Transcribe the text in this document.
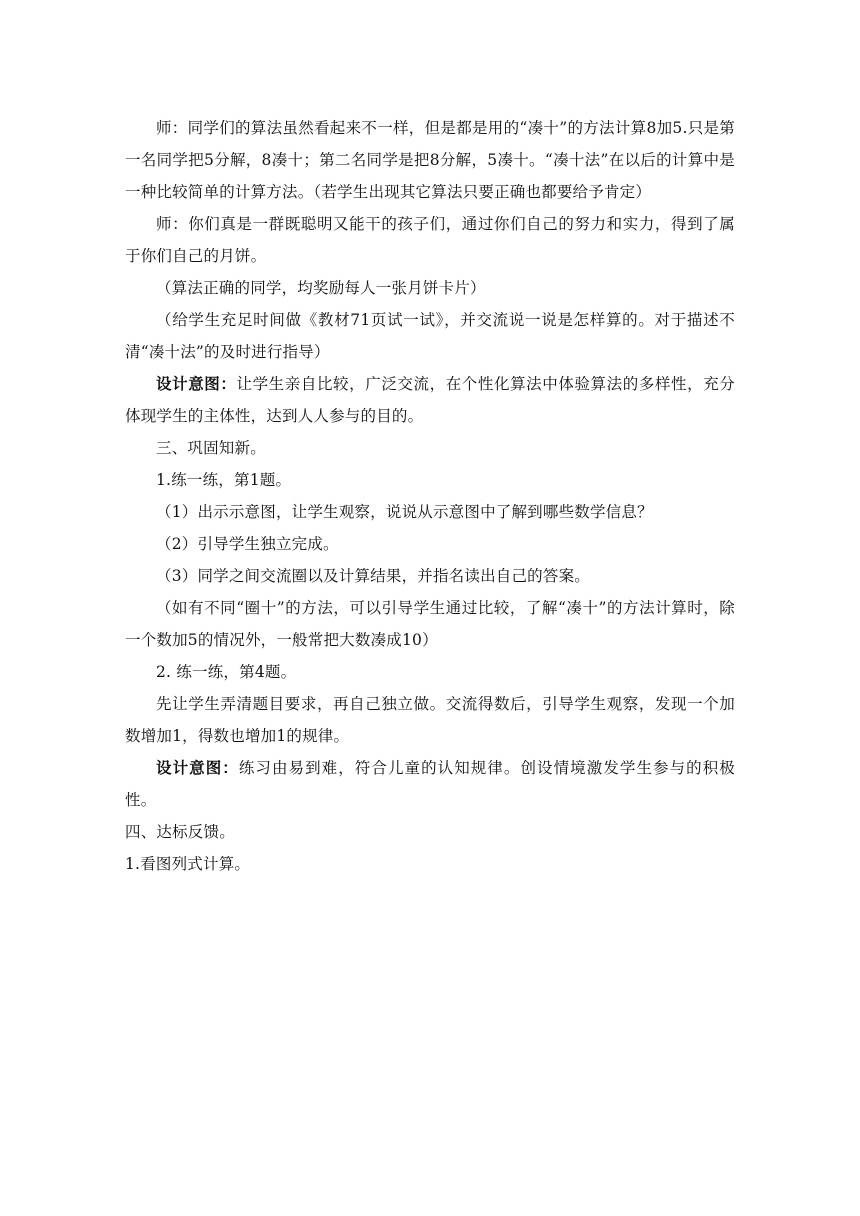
师：同学们的算法虽然看起来不一样，但是都是用的“凑十”的方法计算8加5.只是第一名同学把5分解，8凑十；第二名同学是把8分解，5凑十。“凑十法”在以后的计算中是一种比较简单的计算方法。（若学生出现其它算法只要正确也都要给予肯定）

师：你们真是一群既聪明又能干的孩子们，通过你们自己的努力和实力，得到了属于你们自己的月饼。

（算法正确的同学，均奖励每人一张月饼卡片）

（给学生充足时间做《教材71页试一试》，并交流说一说是怎样算的。对于描述不清“凑十法”的及时进行指导）

设计意图：让学生亲自比较，广泛交流，在个性化算法中体验算法的多样性，充分体现学生的主体性，达到人人参与的目的。

三、巩固知新。

1.练一练，第1题。

（1）出示示意图，让学生观察，说说从示意图中了解到哪些数学信息？

（2）引导学生独立完成。

（3）同学之间交流圈以及计算结果，并指名读出自己的答案。

（如有不同“圈十”的方法，可以引导学生通过比较，了解“凑十”的方法计算时，除一个数加5的情况外，一般常把大数凑成10）

2. 练一练，第4题。

先让学生弄清题目要求，再自己独立做。交流得数后，引导学生观察，发现一个加数增加1，得数也增加1的规律。

设计意图：练习由易到难，符合儿童的认知规律。创设情境激发学生参与的积极性。

四、达标反馈。

1.看图列式计算。
